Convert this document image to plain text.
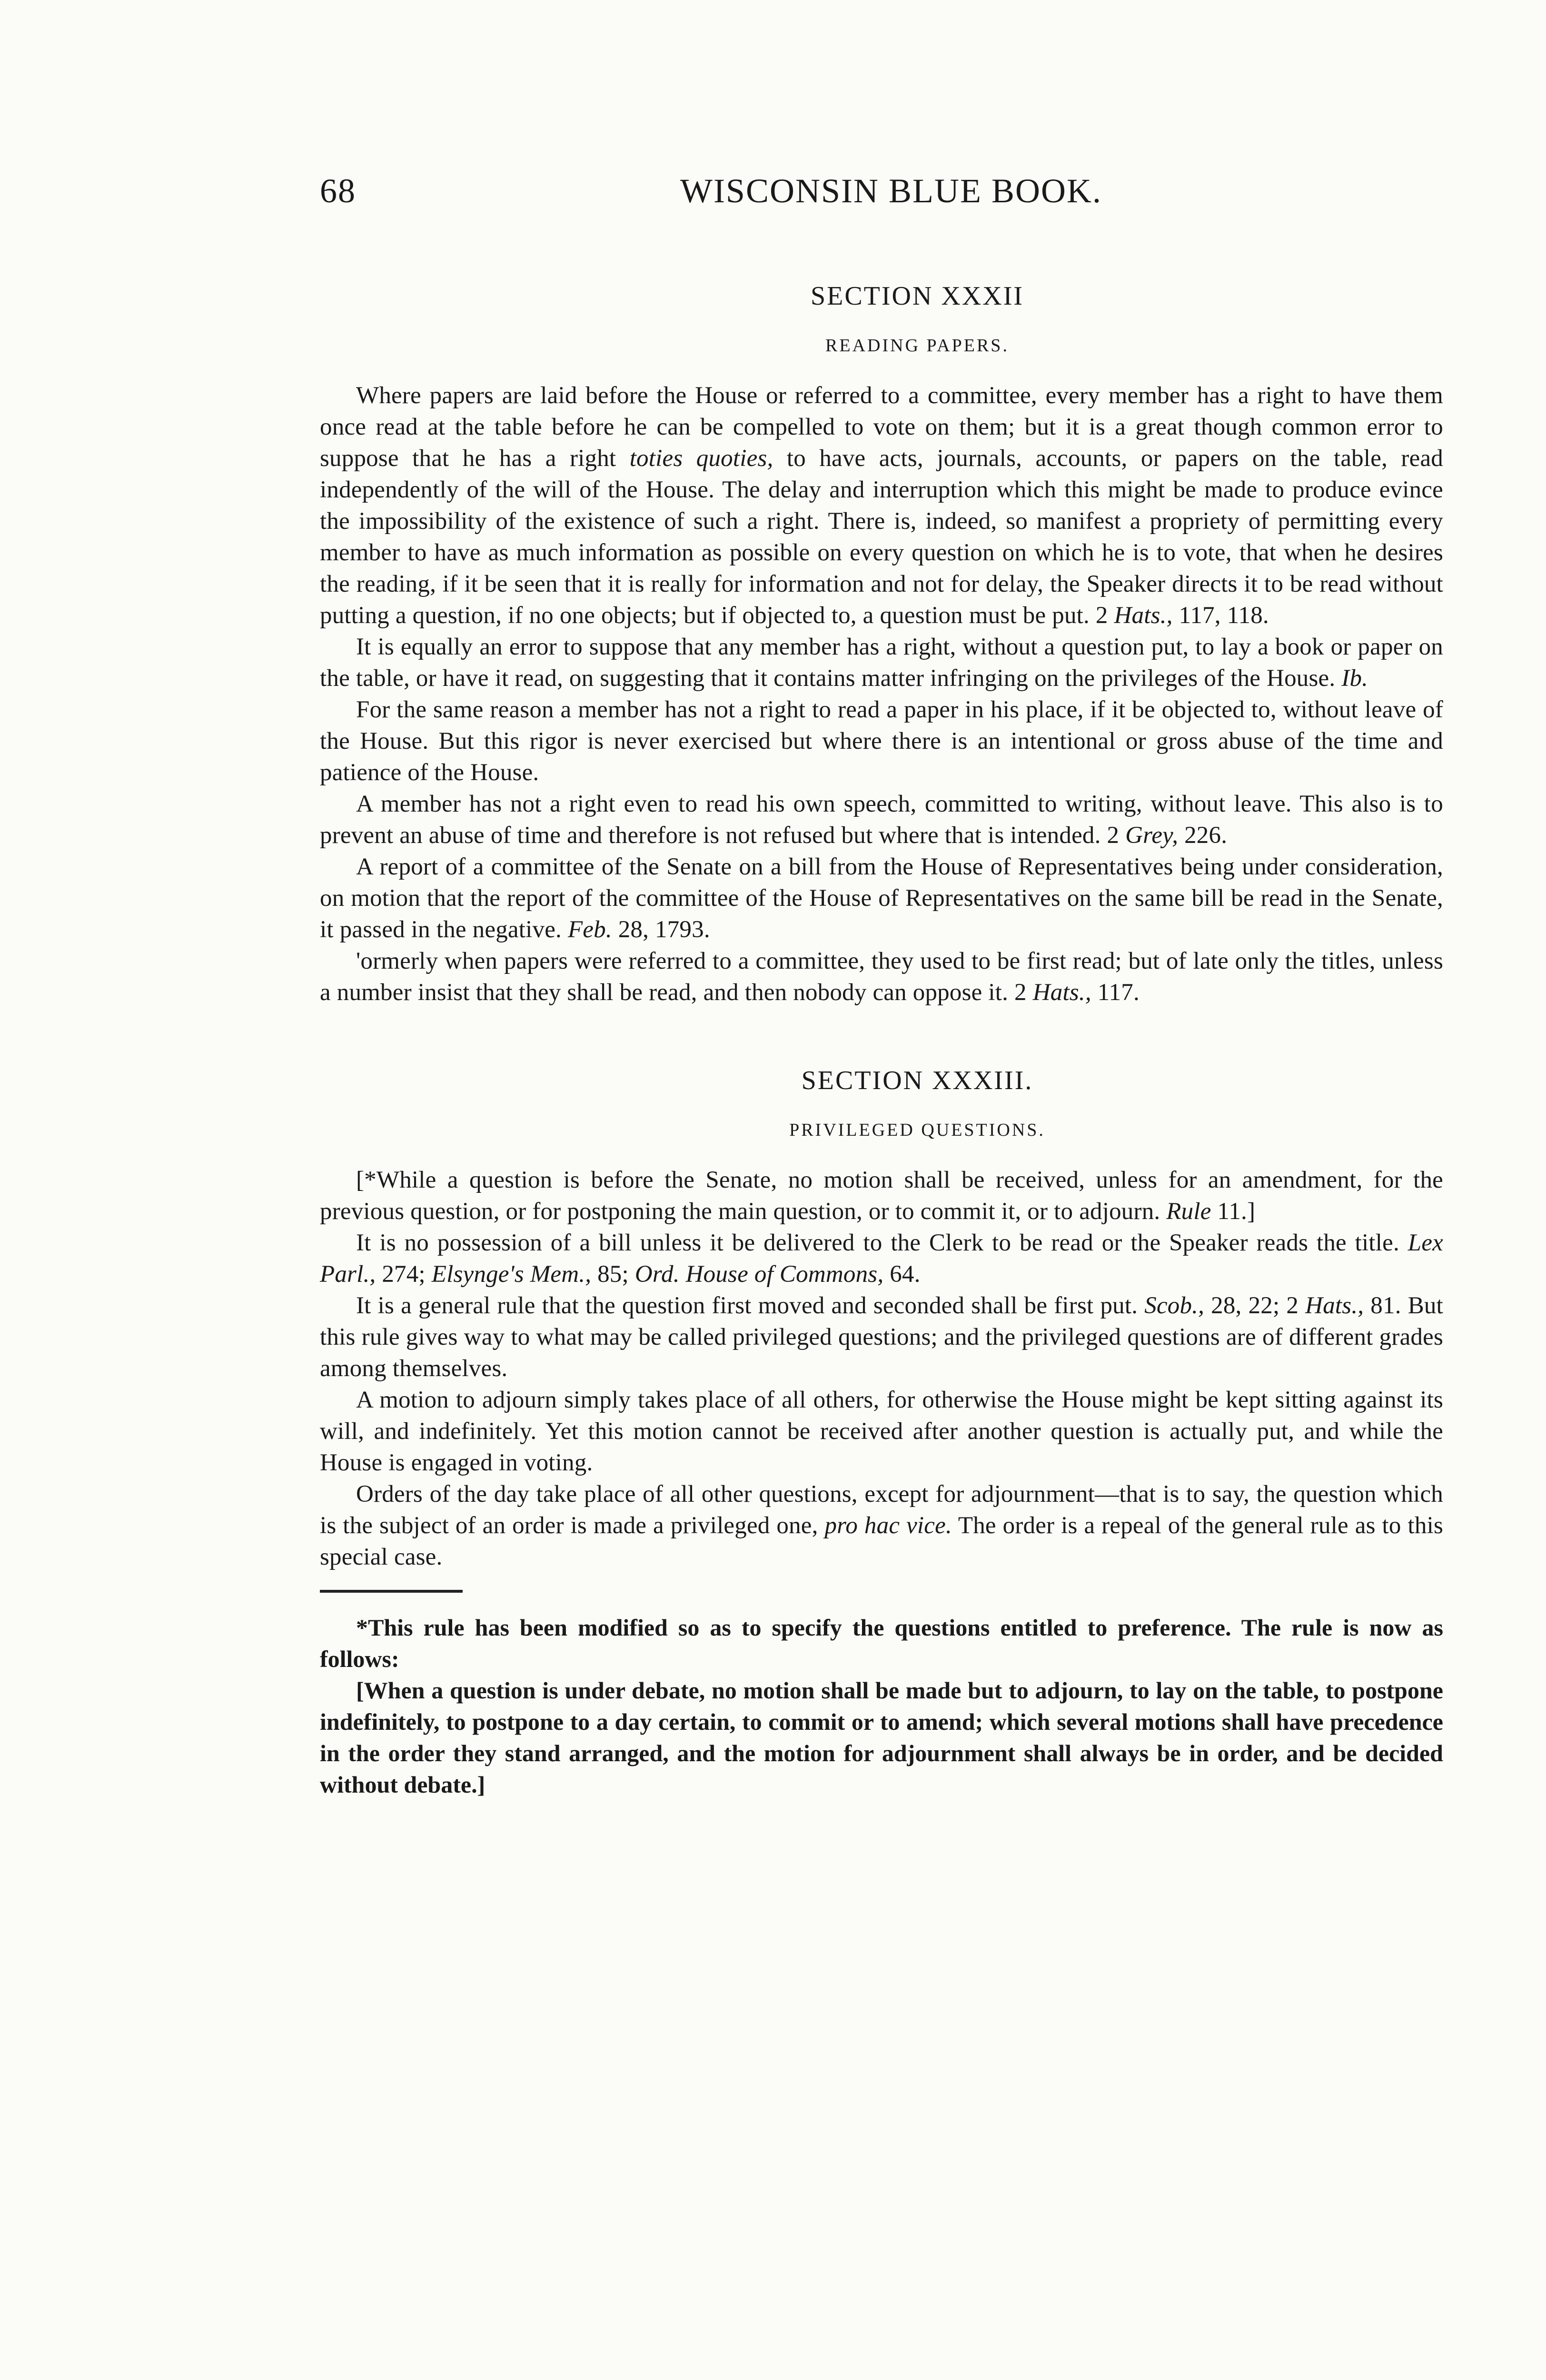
68	WISCONSIN BLUE BOOK.
SECTION XXXII
READING PAPERS.

Where papers are laid before the House or referred to a committee, every member has a right to have them once read at the table before he can be compelled to vote on them; but it is a great though common error to suppose that he has a right toties quoties, to have acts, journals, accounts, or papers on the table, read independently of the will of the House. The delay and interruption which this might be made to produce evince the impossibility of the existence of such a right. There is, indeed, so manifest a propriety of permitting every member to have as much information as possible on every question on which he is to vote, that when he desires the reading, if it be seen that it is really for information and not for delay, the Speaker directs it to be read without putting a question, if no one objects; but if objected to, a question must be put. 2 Hats., 117, 118.

It is equally an error to suppose that any member has a right, without a question put, to lay a book or paper on the table, or have it read, on suggesting that it contains matter infringing on the privileges of the House. Ib.

For the same reason a member has not a right to read a paper in his place, if it be objected to, without leave of the House. But this rigor is never exercised but where there is an intentional or gross abuse of the time and patience of the House.

A member has not a right even to read his own speech, committed to writing, without leave. This also is to prevent an abuse of time and therefore is not refused but where that is intended. 2 Grey, 226.

A report of a committee of the Senate on a bill from the House of Representatives being under consideration, on motion that the report of the committee of the House of Representatives on the same bill be read in the Senate, it passed in the negative. Feb. 28, 1793.

'ormerly when papers were referred to a committee, they used to be first read; but of late only the titles, unless a number insist that they shall be read, and then nobody can oppose it. 2 Hats., 117.

SECTION XXXIII.
PRIVILEGED QUESTIONS.

[*While a question is before the Senate, no motion shall be received, unless for an amendment, for the previous question, or for postponing the main question, or to commit it, or to adjourn. Rule 11.]

It is no possession of a bill unless it be delivered to the Clerk to be read or the Speaker reads the title. Lex Parl., 274; Elsynge's Mem., 85; Ord. House of Commons, 64.

It is a general rule that the question first moved and seconded shall be first put. Scob., 28, 22; 2 Hats., 81. But this rule gives way to what may be called privileged questions; and the privileged questions are of different grades among themselves.

A motion to adjourn simply takes place of all others, for otherwise the House might be kept sitting against its will, and indefinitely. Yet this motion cannot be received after another question is actually put, and while the House is engaged in voting.

Orders of the day take place of all other questions, except for adjournment—that is to say, the question which is the subject of an order is made a privileged one, pro hac vice. The order is a repeal of the general rule as to this special case.

*This rule has been modified so as to specify the questions entitled to preference. The rule is now as follows:

[When a question is under debate, no motion shall be made but to adjourn, to lay on the table, to postpone indefinitely, to postpone to a day certain, to commit or to amend; which several motions shall have precedence in the order they stand arranged, and the motion for adjournment shall always be in order, and be decided without debate.]
